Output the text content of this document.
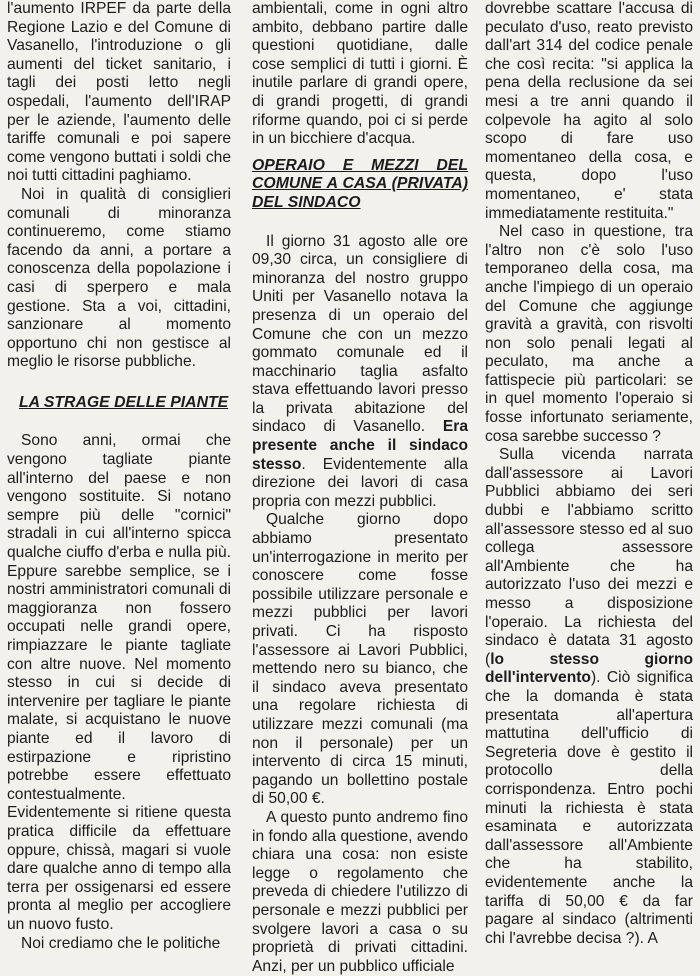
l'aumento IRPEF da parte della Regione Lazio e del Comune di Vasanello, l'introduzione o gli aumenti del ticket sanitario, i tagli dei posti letto negli ospedali, l'aumento dell'IRAP per le aziende, l'aumento delle tariffe comunali e poi sapere come vengono buttati i soldi che noi tutti cittadini paghiamo.

Noi in qualità di consiglieri comunali di minoranza continueremo, come stiamo facendo da anni, a portare a conoscenza della popolazione i casi di sperpero e mala gestione. Sta a voi, cittadini, sanzionare al momento opportuno chi non gestisce al meglio le risorse pubbliche.

LA STRAGE DELLE PIANTE

Sono anni, ormai che vengono tagliate piante all'interno del paese e non vengono sostituite. Si notano sempre più delle "cornici" stradali in cui all'interno spicca qualche ciuffo d'erba e nulla più. Eppure sarebbe semplice, se i nostri amministratori comunali di maggioranza non fossero occupati nelle grandi opere, rimpiazzare le piante tagliate con altre nuove. Nel momento stesso in cui si decide di intervenire per tagliare le piante malate, si acquistano le nuove piante ed il lavoro di estirpazione e ripristino potrebbe essere effettuato contestualmente.

Evidentemente si ritiene questa pratica difficile da effettuare oppure, chissà, magari si vuole dare qualche anno di tempo alla terra per ossigenarsi ed essere pronta al meglio per accogliere un nuovo fusto.

Noi crediamo che le politiche

ambientali, come in ogni altro ambito, debbano partire dalle questioni quotidiane, dalle cose semplici di tutti i giorni. È inutile parlare di grandi opere, di grandi progetti, di grandi riforme quando, poi ci si perde in un bicchiere d'acqua.

OPERAIO E MEZZI DEL COMUNE A CASA (PRIVATA) DEL SINDACO

Il giorno 31 agosto alle ore 09,30 circa, un consigliere di minoranza del nostro gruppo Uniti per Vasanello notava la presenza di un operaio del Comune che con un mezzo gommato comunale ed il macchinario taglia asfalto stava effettuando lavori presso la privata abitazione del sindaco di Vasanello. Era presente anche il sindaco stesso. Evidentemente alla direzione dei lavori di casa propria con mezzi pubblici.

Qualche giorno dopo abbiamo presentato un'interrogazione in merito per conoscere come fosse possibile utilizzare personale e mezzi pubblici per lavori privati. Ci ha risposto l'assessore ai Lavori Pubblici, mettendo nero su bianco, che il sindaco aveva presentato una regolare richiesta di utilizzare mezzi comunali (ma non il personale) per un intervento di circa 15 minuti, pagando un bollettino postale di 50,00 €.

A questo punto andremo fino in fondo alla questione, avendo chiara una cosa: non esiste legge o regolamento che preveda di chiedere l'utilizzo di personale e mezzi pubblici per svolgere lavori a casa o su proprietà di privati cittadini. Anzi, per un pubblico ufficiale

dovrebbe scattare l'accusa di peculato d'uso, reato previsto dall'art 314 del codice penale che così recita: "si applica la pena della reclusione da sei mesi a tre anni quando il colpevole ha agito al solo scopo di fare uso momentaneo della cosa, e questa, dopo l'uso momentaneo, e' stata immediatamente restituita."

Nel caso in questione, tra l'altro non c'è solo l'uso temporaneo della cosa, ma anche l'impiego di un operaio del Comune che aggiunge gravità a gravità, con risvolti non solo penali legati al peculato, ma anche a fattispecie più particolari: se in quel momento l'operaio si fosse infortunato seriamente, cosa sarebbe successo ?

Sulla vicenda narrata dall'assessore ai Lavori Pubblici abbiamo dei seri dubbi e l'abbiamo scritto all'assessore stesso ed al suo collega assessore all'Ambiente che ha autorizzato l'uso dei mezzi e messo a disposizione l'operaio. La richiesta del sindaco è datata 31 agosto (lo stesso giorno dell'intervento). Ciò significa che la domanda è stata presentata all'apertura mattutina dell'ufficio di Segreteria dove è gestito il protocollo della corrispondenza. Entro pochi minuti la richiesta è stata esaminata e autorizzata dall'assessore all'Ambiente che ha stabilito, evidentemente anche la tariffa di 50,00 € da far pagare al sindaco (altrimenti chi l'avrebbe decisa ?). A
